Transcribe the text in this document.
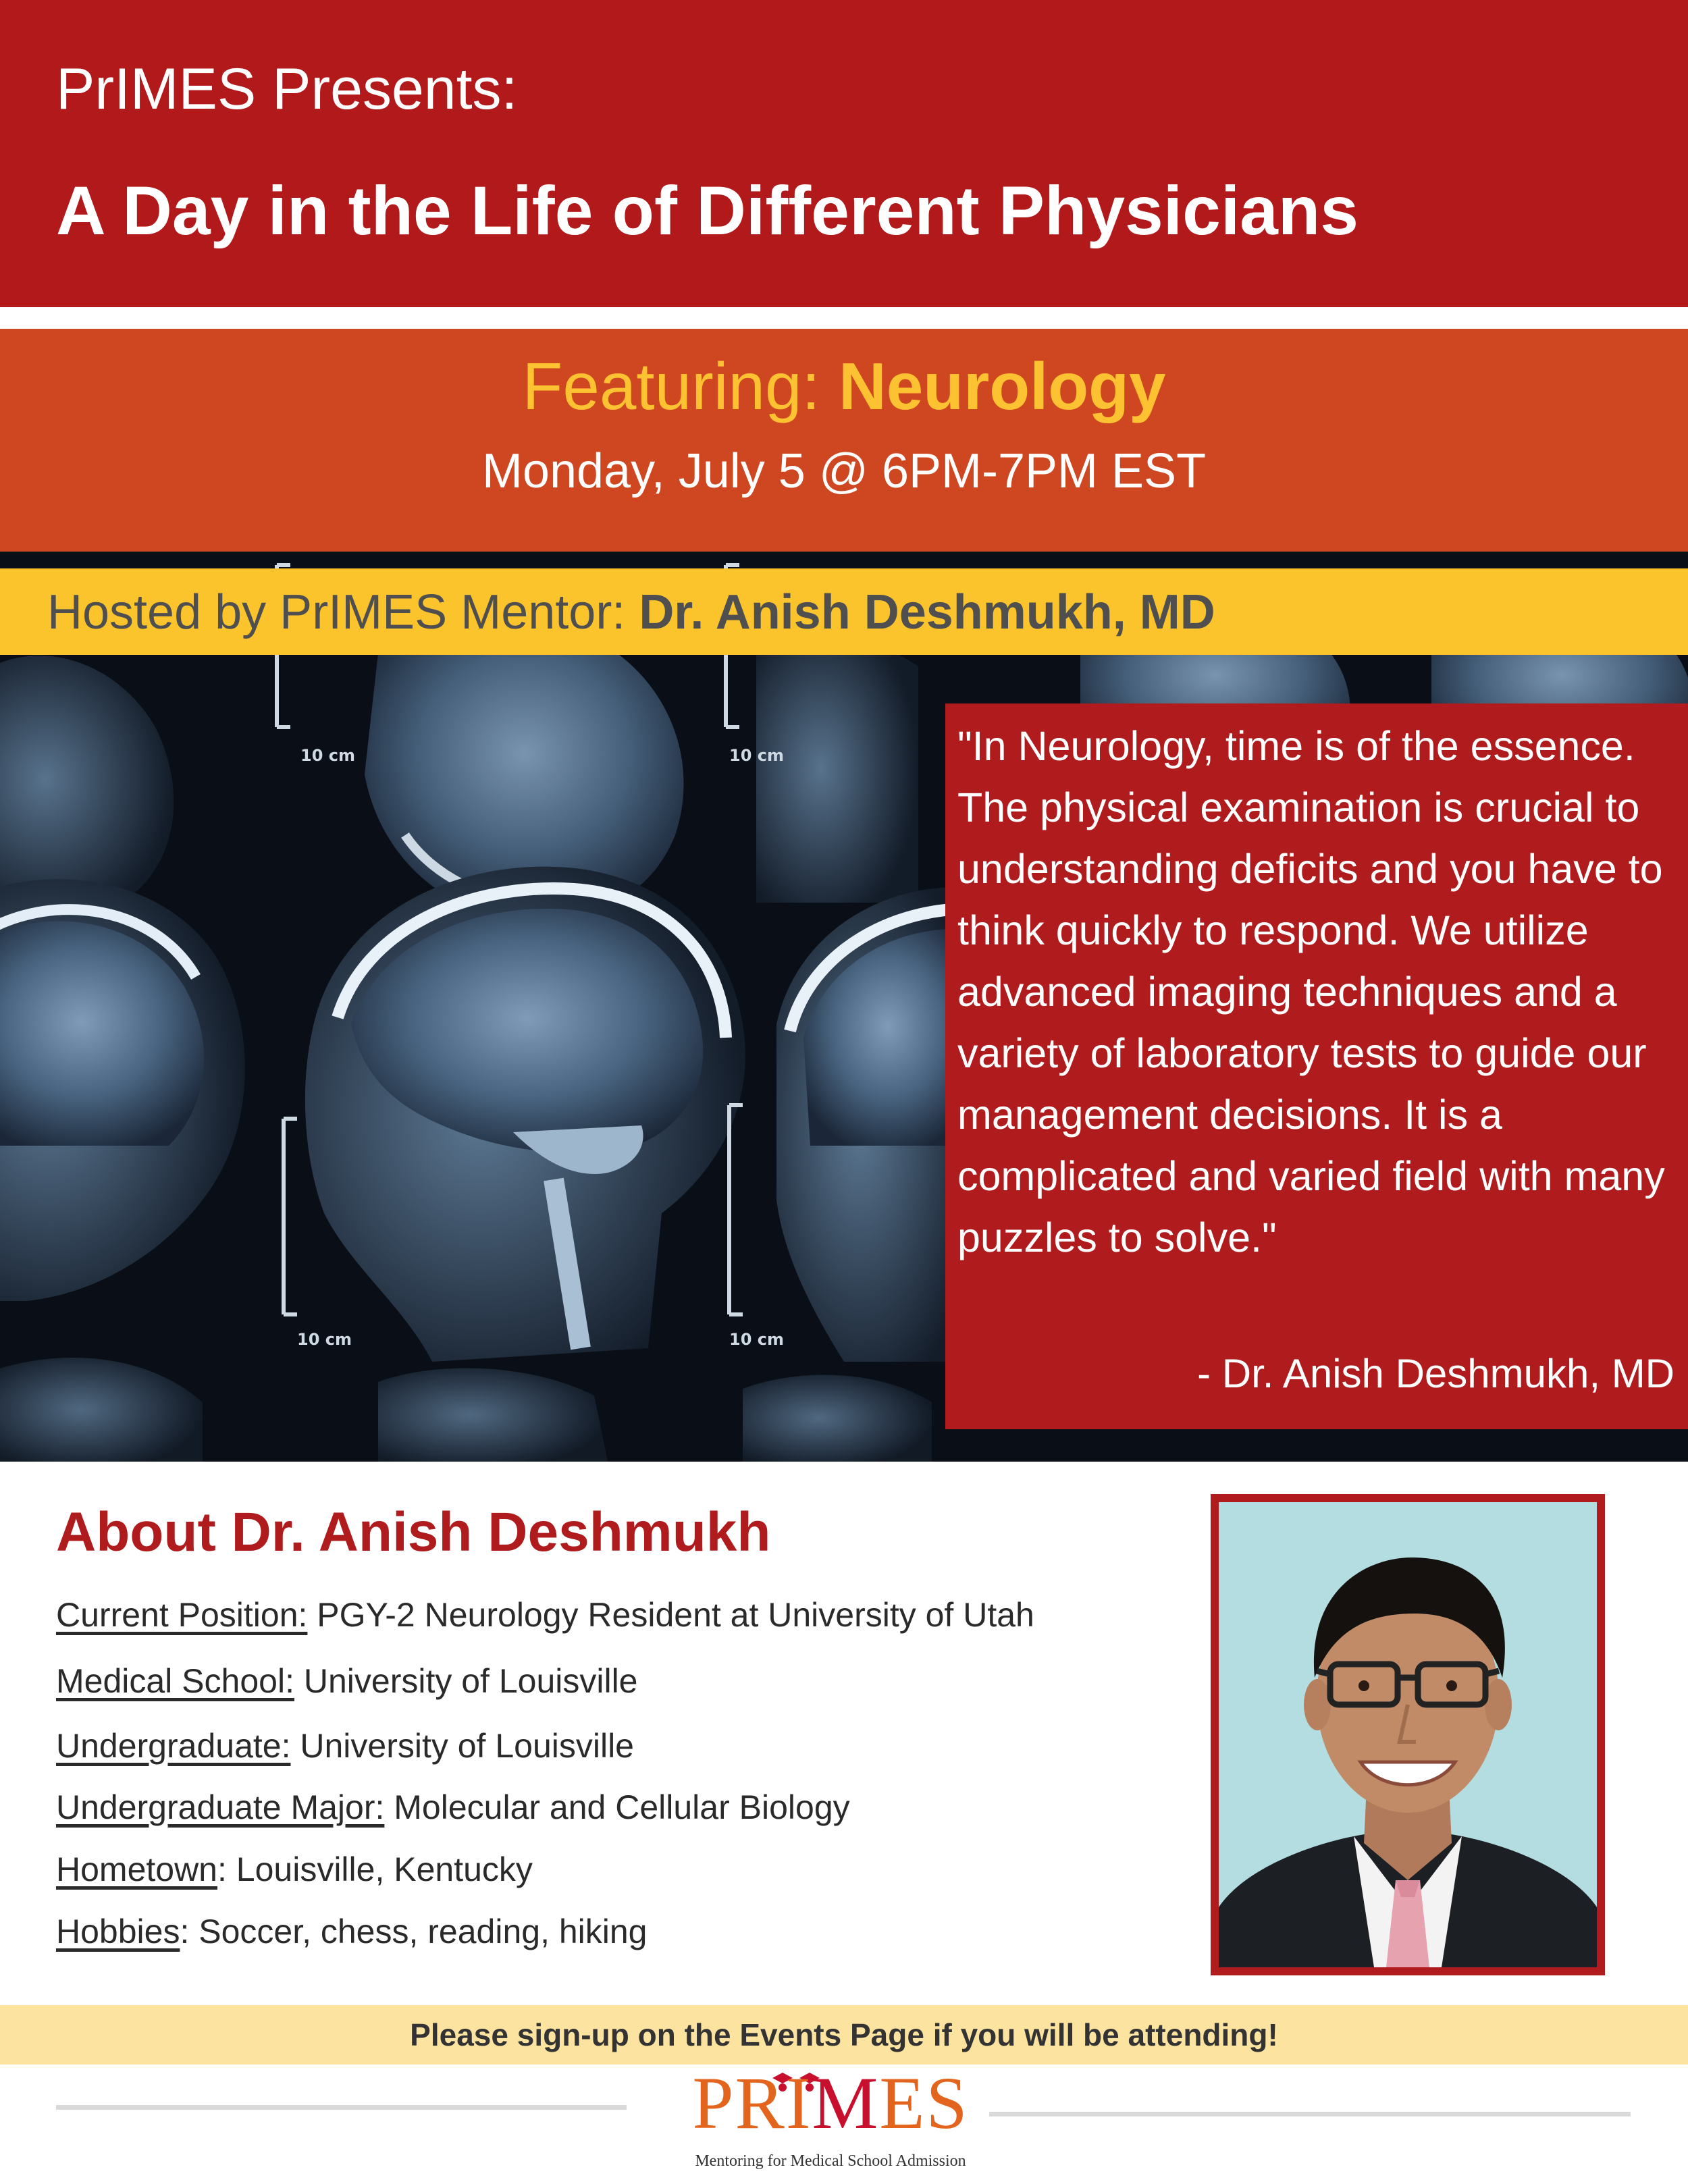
PrIMES Presents:
A Day in the Life of Different Physicians
Featuring: Neurology
Monday, July 5 @ 6PM-7PM EST
10 cm	10 cm
10 cm	10 cm
Hosted by PrIMES Mentor: Dr. Anish Deshmukh, MD

"In Neurology, time is of the essence. The physical examination is crucial to understanding deficits and you have to think quickly to respond. We utilize advanced imaging techniques and a variety of laboratory tests to guide our management decisions. It is a complicated and varied field with many puzzles to solve."

- Dr. Anish Deshmukh, MD
About Dr. Anish Deshmukh
Current Position: PGY-2 Neurology Resident at University of Utah
Medical School: University of Louisville
Undergraduate: University of Louisville
Undergraduate Major: Molecular and Cellular Biology
Hometown: Louisville, Kentucky
Hobbies: Soccer, chess, reading, hiking
Please sign-up on the Events Page if you will be attending!
PRIMES
Mentoring for Medical School Admission
